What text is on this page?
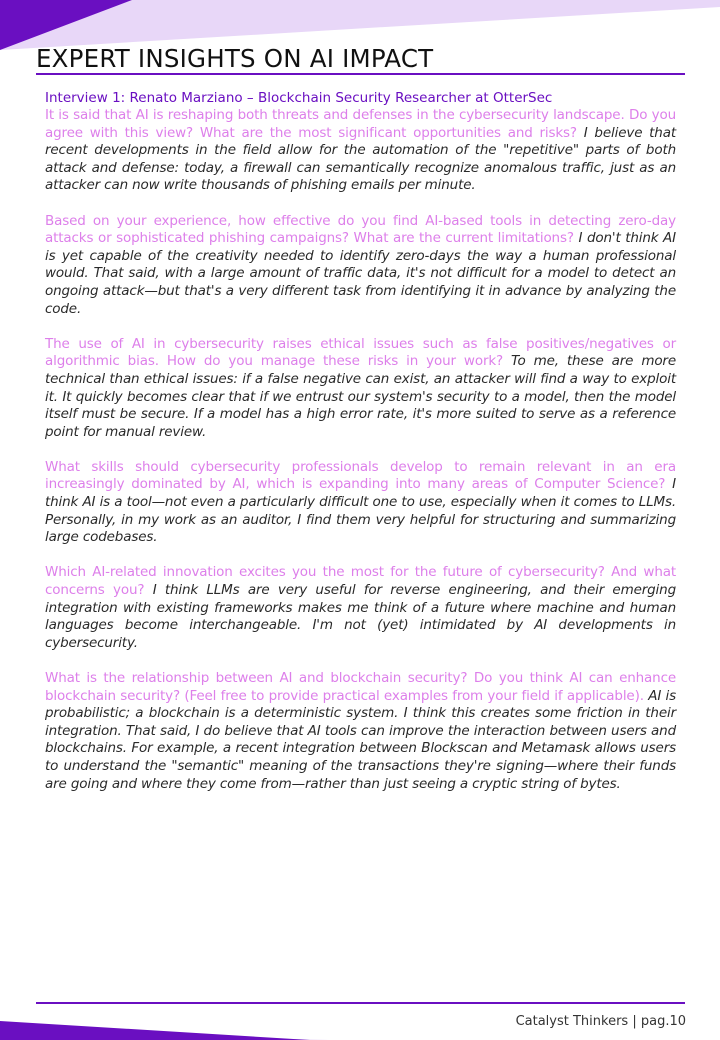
EXPERT INSIGHTS ON AI IMPACT
Interview 1: Renato Marziano – Blockchain Security Researcher at OtterSec

It is said that AI is reshaping both threats and defenses in the cybersecurity landscape. Do you agree with this view? What are the most significant opportunities and risks? I believe that recent developments in the field allow for the automation of the "repetitive" parts of both attack and defense: today, a firewall can semantically recognize anomalous traffic, just as an attacker can now write thousands of phishing emails per minute.

Based on your experience, how effective do you find AI-based tools in detecting zero-day attacks or sophisticated phishing campaigns? What are the current limitations? I don't think AI is yet capable of the creativity needed to identify zero-days the way a human professional would. That said, with a large amount of traffic data, it's not difficult for a model to detect an ongoing attack—but that's a very different task from identifying it in advance by analyzing the code.

The use of AI in cybersecurity raises ethical issues such as false positives/negatives or algorithmic bias. How do you manage these risks in your work? To me, these are more technical than ethical issues: if a false negative can exist, an attacker will find a way to exploit it. It quickly becomes clear that if we entrust our system's security to a model, then the model itself must be secure. If a model has a high error rate, it's more suited to serve as a reference point for manual review.

What skills should cybersecurity professionals develop to remain relevant in an era increasingly dominated by AI, which is expanding into many areas of Computer Science? I think AI is a tool—not even a particularly difficult one to use, especially when it comes to LLMs. Personally, in my work as an auditor, I find them very helpful for structuring and summarizing large codebases.

Which AI-related innovation excites you the most for the future of cybersecurity? And what concerns you? I think LLMs are very useful for reverse engineering, and their emerging integration with existing frameworks makes me think of a future where machine and human languages become interchangeable. I'm not (yet) intimidated by AI developments in cybersecurity.

What is the relationship between AI and blockchain security? Do you think AI can enhance blockchain security? (Feel free to provide practical examples from your field if applicable). AI is probabilistic; a blockchain is a deterministic system. I think this creates some friction in their integration. That said, I do believe that AI tools can improve the interaction between users and blockchains. For example, a recent integration between Blockscan and Metamask allows users to understand the "semantic" meaning of the transactions they're signing—where their funds are going and where they come from—rather than just seeing a cryptic string of bytes.

Catalyst Thinkers | pag.10
